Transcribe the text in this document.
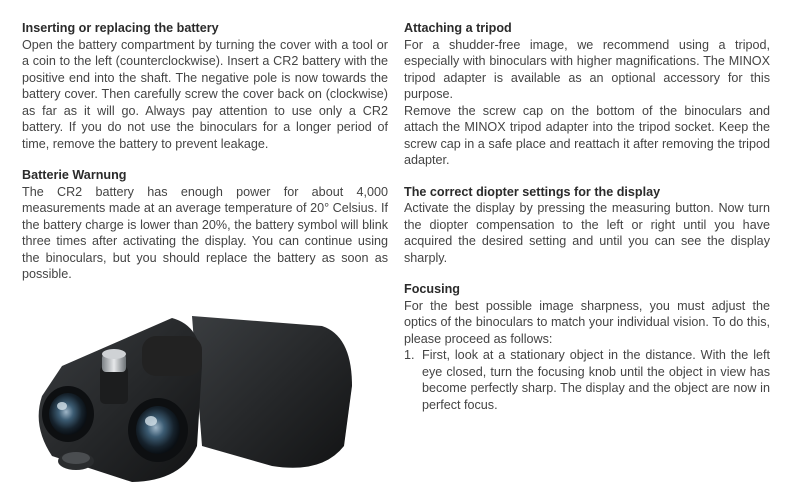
Inserting or replacing the battery

Open the battery compartment by turning the cover with a tool or a coin to the left (counterclockwise). Insert a CR2 battery with the positive end into the shaft. The negative pole is now towards the battery cover. Then carefully screw the cover back on (clockwise) as far as it will go. Always pay attention to use only a CR2 battery. If you do not use the binoculars for a longer period of time, remove the battery to prevent leakage.

Batterie Warnung

The CR2 battery has enough power for about 4,000 measurements made at an average temperature of 20° Celsius. If the battery charge is lower than 20%, the battery symbol will blink three times after activating the display. You can continue using the binoculars, but you should replace the battery as soon as possible.

Attaching a tripod

For a shudder-free image, we recommend using a tripod, especially with binoculars with higher magnifications. The MINOX tripod adapter is available as an optional accessory for this purpose.

Remove the screw cap on the bottom of the binoculars and attach the MINOX tripod adapter into the tripod socket. Keep the screw cap in a safe place and reattach it after removing the tripod adapter.

The correct diopter settings for the display

Activate the display by pressing the measuring button. Now turn the diopter compensation to the left or right until you have acquired the desired setting and until you can see the display sharply.

Focusing

For the best possible image sharpness, you must adjust the optics of the binoculars to match your individual vision. To do this, please proceed as follows:

1. First, look at a stationary object in the distance. With the left eye closed, turn the focusing knob until the object in view has become perfectly sharp. The display and the object are now in perfect focus.
